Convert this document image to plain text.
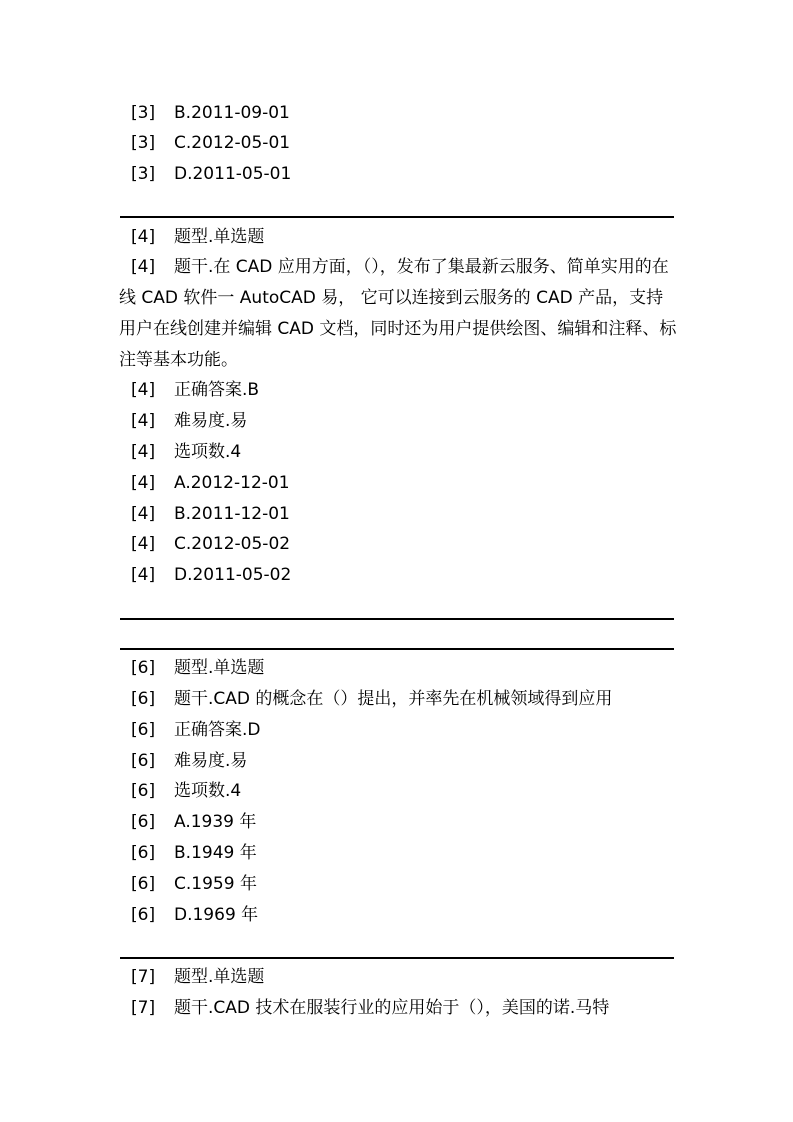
[3] B.2011-09-01
[3] C.2012-05-01
[3] D.2011-05-01
[4] 题型.单选题
[4] 题干.在 CAD 应用方面，（），发布了集最新云服务、简单实用的在线 CAD 软件一 AutoCAD 易， 它可以连接到云服务的 CAD 产品，支持用户在线创建并编辑 CAD 文档，同时还为用户提供绘图、编辑和注释、标注等基本功能。
[4] 正确答案.B
[4] 难易度.易
[4] 选项数.4
[4] A.2012-12-01
[4] B.2011-12-01
[4] C.2012-05-02
[4] D.2011-05-02
[6] 题型.单选题
[6] 题干.CAD 的概念在（）提出，并率先在机械领域得到应用
[6] 正确答案.D
[6] 难易度.易
[6] 选项数.4
[6] A.1939 年
[6] B.1949 年
[6] C.1959 年
[6] D.1969 年
[7] 题型.单选题
[7] 题干.CAD 技术在服装行业的应用始于（），美国的诺.马特
